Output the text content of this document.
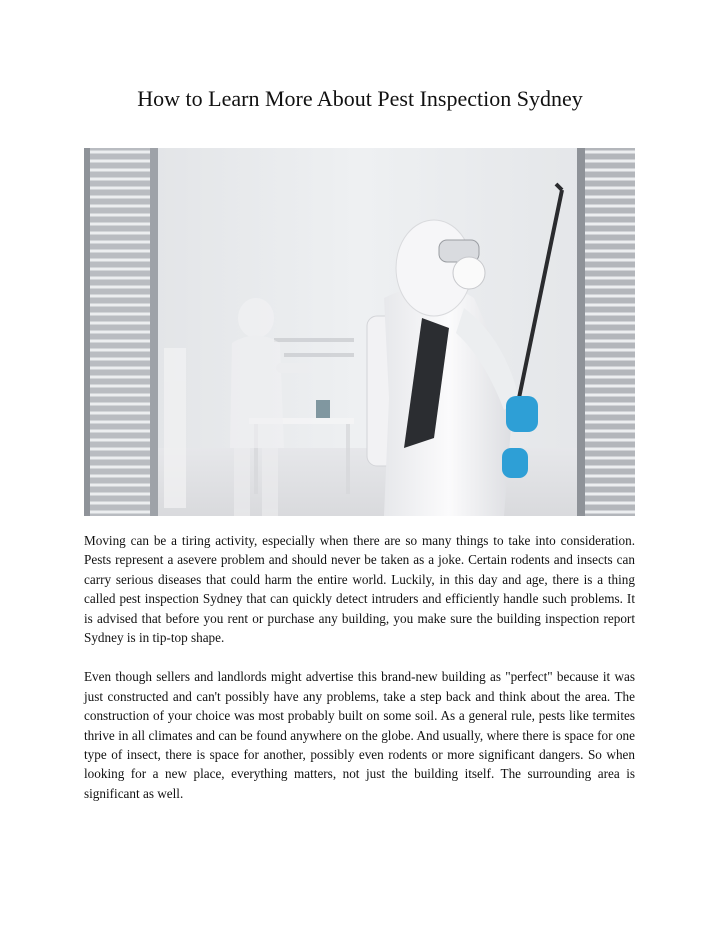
How to Learn More About Pest Inspection Sydney

Moving can be a tiring activity, especially when there are so many things to take into consideration. Pests represent a asevere problem and should never be taken as a joke. Certain rodents and insects can carry serious diseases that could harm the entire world. Luckily, in this day and age, there is a thing called pest inspection Sydney that can quickly detect intruders and efficiently handle such problems. It is advised that before you rent or purchase any building, you make sure the building inspection report Sydney is in tip-top shape.

Even though sellers and landlords might advertise this brand-new building as "perfect" because it was just constructed and can't possibly have any problems, take a step back and think about the area. The construction of your choice was most probably built on some soil. As a general rule, pests like termites thrive in all climates and can be found anywhere on the globe. And usually, where there is space for one type of insect, there is space for another, possibly even rodents or more significant dangers. So when looking for a new place, everything matters, not just the building itself. The surrounding area is significant as well.
